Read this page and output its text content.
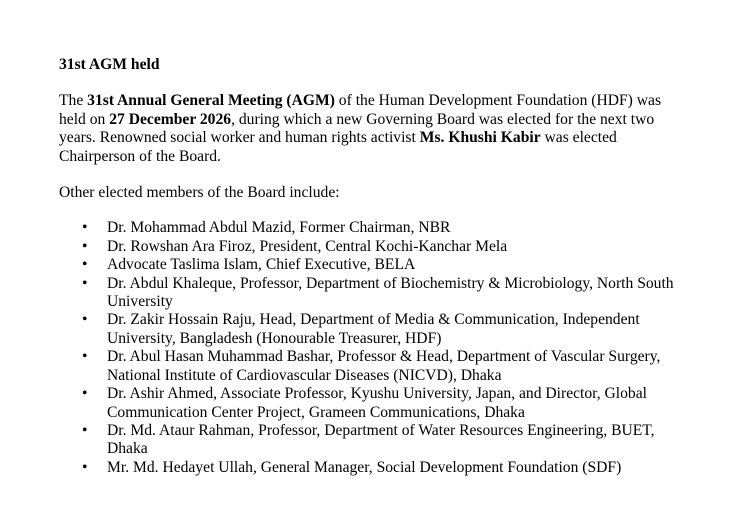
31st AGM held

The 31st Annual General Meeting (AGM) of the Human Development Foundation (HDF) was held on 27 December 2026, during which a new Governing Board was elected for the next two years. Renowned social worker and human rights activist Ms. Khushi Kabir was elected Chairperson of the Board.

Other elected members of the Board include:

• Dr. Mohammad Abdul Mazid, Former Chairman, NBR
• Dr. Rowshan Ara Firoz, President, Central Kochi-Kanchar Mela
• Advocate Taslima Islam, Chief Executive, BELA
• Dr. Abdul Khaleque, Professor, Department of Biochemistry & Microbiology, North South University
• Dr. Zakir Hossain Raju, Head, Department of Media & Communication, Independent University, Bangladesh (Honourable Treasurer, HDF)
• Dr. Abul Hasan Muhammad Bashar, Professor & Head, Department of Vascular Surgery, National Institute of Cardiovascular Diseases (NICVD), Dhaka
• Dr. Ashir Ahmed, Associate Professor, Kyushu University, Japan, and Director, Global Communication Center Project, Grameen Communications, Dhaka
• Dr. Md. Ataur Rahman, Professor, Department of Water Resources Engineering, BUET, Dhaka
• Mr. Md. Hedayet Ullah, General Manager, Social Development Foundation (SDF)
